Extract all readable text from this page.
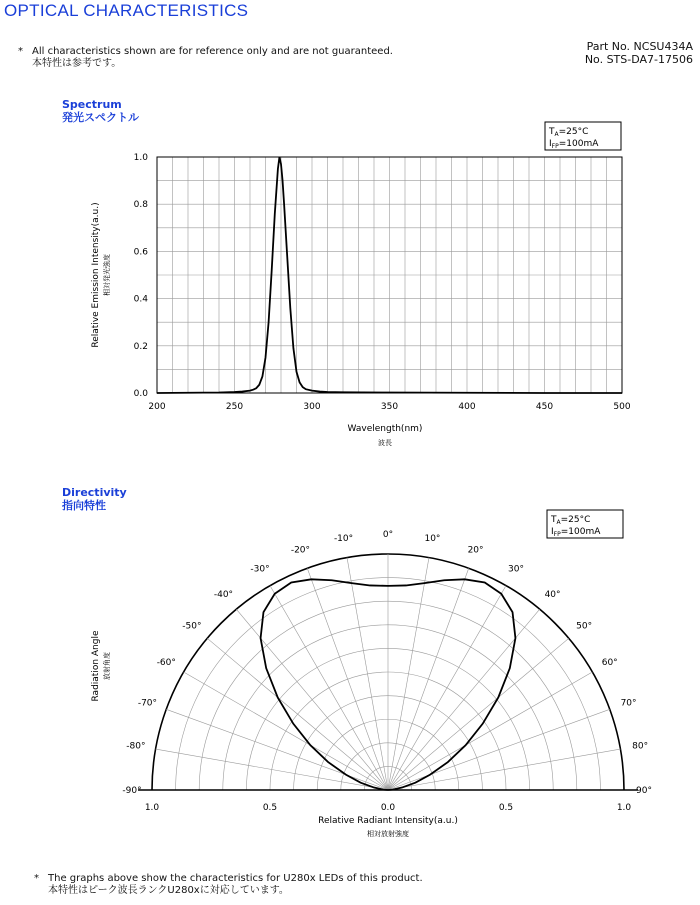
OPTICAL CHARACTERISTICS
* All characteristics shown are for reference only and are not guaranteed.
本特性は参考です。
Part No. NCSU434A
No. STS-DA7-17506
Spectrum
発光スペクトル
200	250	300	350	400	450	500
0.0
0.2
0.4
0.6
0.8
1.0
$T_A=25^\circ C$
$I_{FP}=100mA$
Wavelength(nm)
波長
Relative Emission Intensity(a.u.) 相対発光強度
Directivity
指向特性
-90°
-80°
-70°
-60°
-50°
-40°
-30°
-20°
-10°	0°	10°
20°
30°
40°
50°
60°
70°
80°
90°
1.0	0.5	0.0	0.5	1.0
$T_A=25^\circ C$
$I_{FP}=100mA$
Relative Radiant Intensity(a.u.)
相対放射強度
Radiation Angle 放射角度
* The graphs above show the characteristics for U280x LEDs of this product.
本特性はピーク波長ランクU280xに対応しています。
